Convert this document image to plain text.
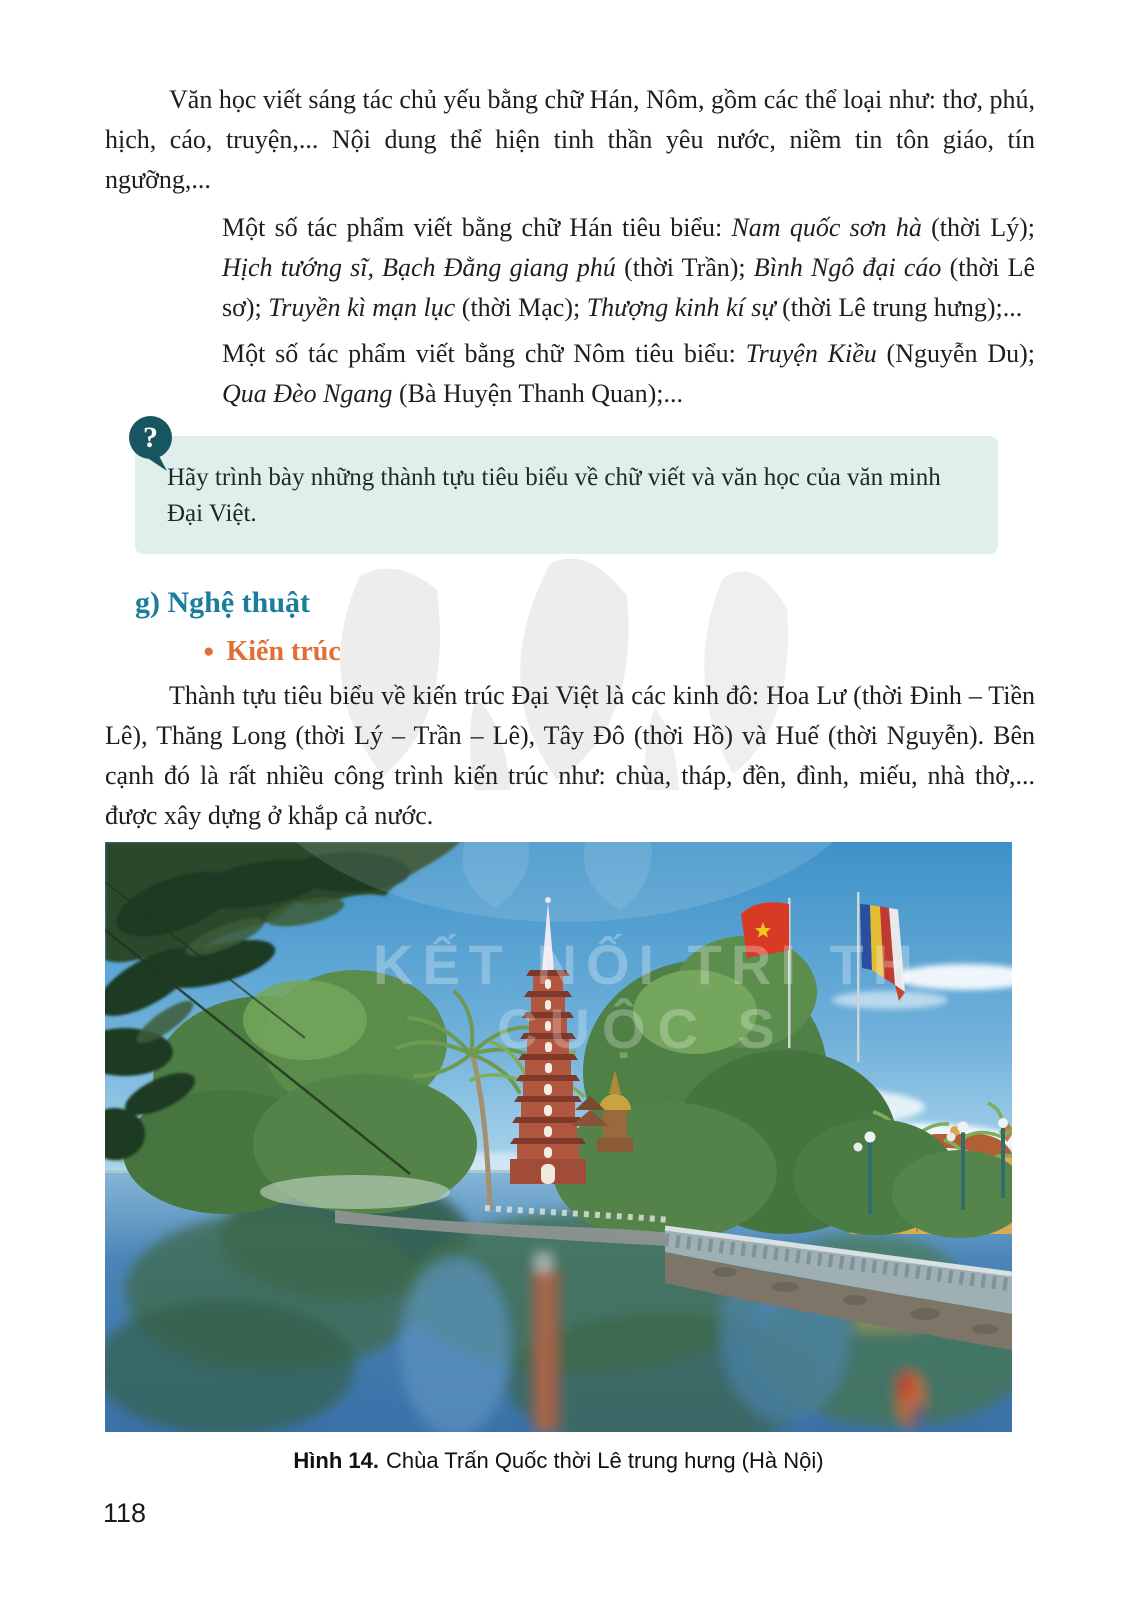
Văn học viết sáng tác chủ yếu bằng chữ Hán, Nôm, gồm các thể loại như: thơ, phú, hịch, cáo, truyện,... Nội dung thể hiện tinh thần yêu nước, niềm tin tôn giáo, tín ngưỡng,...

Một số tác phẩm viết bằng chữ Hán tiêu biểu: Nam quốc sơn hà (thời Lý); Hịch tướng sĩ, Bạch Đằng giang phú (thời Trần); Bình Ngô đại cáo (thời Lê sơ); Truyền kì mạn lục (thời Mạc); Thượng kinh kí sự (thời Lê trung hưng);...

Một số tác phẩm viết bằng chữ Nôm tiêu biểu: Truyện Kiều (Nguyễn Du); Qua Đèo Ngang (Bà Huyện Thanh Quan);...

?
Hãy trình bày những thành tựu tiêu biểu về chữ viết và văn học của văn minh Đại Việt.
g) Nghệ thuật
● Kiến trúc

Thành tựu tiêu biểu về kiến trúc Đại Việt là các kinh đô: Hoa Lư (thời Đinh – Tiền Lê), Thăng Long (thời Lý – Trần – Lê), Tây Đô (thời Hồ) và Huế (thời Nguyễn). Bên cạnh đó là rất nhiều công trình kiến trúc như: chùa, tháp, đền, đình, miếu, nhà thờ,... được xây dựng ở khắp cả nước.

KẾT NỐI TRI TH
CUỘC S
Hình 14. Chùa Trấn Quốc thời Lê trung hưng (Hà Nội)
118
